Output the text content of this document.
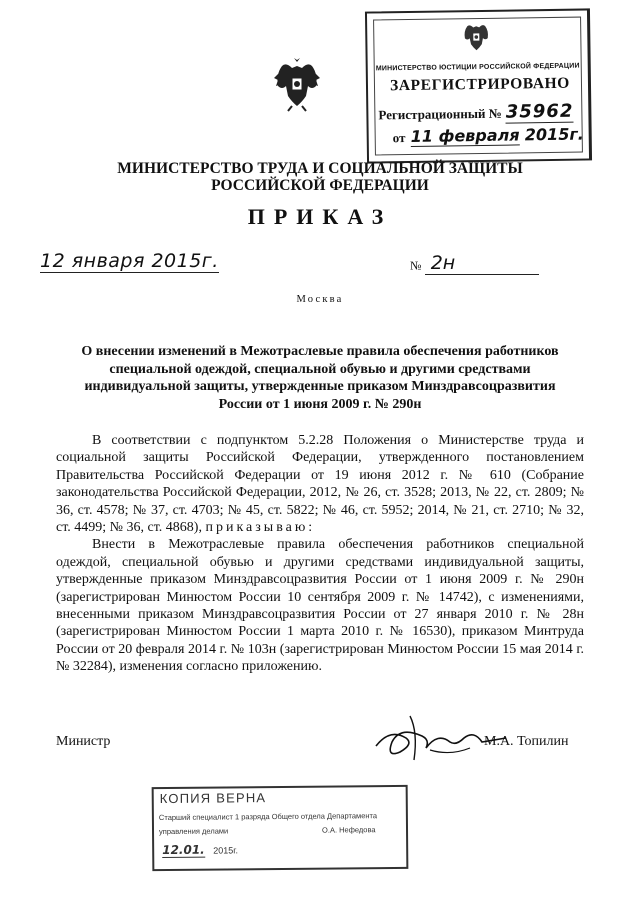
МИНИСТЕРСТВО ЮСТИЦИИ РОССИЙСКОЙ ФЕДЕРАЦИИ
ЗАРЕГИСТРИРОВАНО
Регистрационный № 35962
от 11 февраля 2015г.
МИНИСТЕРСТВО ТРУДА И СОЦИАЛЬНОЙ ЗАЩИТЫ
РОССИЙСКОЙ ФЕДЕРАЦИИ
ПРИКАЗ
12 января 2015г.	№ 2н
Москва
О внесении изменений в Межотраслевые правила обеспечения работников
специальной одеждой, специальной обувью и другими средствами
индивидуальной защиты, утвержденные приказом Минздравсоцразвития
России от 1 июня 2009 г. № 290н

В соответствии с подпунктом 5.2.28 Положения о Министерстве труда и социальной защиты Российской Федерации, утвержденного постановлением Правительства Российской Федерации от 19 июня 2012 г. № 610 (Собрание законодательства Российской Федерации, 2012, № 26, ст. 3528; 2013, № 22, ст. 2809; № 36, ст. 4578; № 37, ст. 4703; № 45, ст. 5822; № 46, ст. 5952; 2014, № 21, ст. 2710; № 32, ст. 4499; № 36, ст. 4868), приказываю:

Внести в Межотраслевые правила обеспечения работников специальной одеждой, специальной обувью и другими средствами индивидуальной защиты, утвержденные приказом Минздравсоцразвития России от 1 июня 2009 г. № 290н (зарегистрирован Минюстом России 10 сентября 2009 г. № 14742), с изменениями, внесенными приказом Минздравсоцразвития России от 27 января 2010 г. № 28н (зарегистрирован Минюстом России 1 марта 2010 г. № 16530), приказом Минтруда России от 20 февраля 2014 г. № 103н (зарегистрирован Минюстом России 15 мая 2014 г. № 32284), изменения согласно приложению.

Министр	М.А. Топилин
КОПИЯ ВЕРНА
Старший специалист 1 разряда Общего отдела Департамента
управления делами	О.А. Нефедова
12.01. 2015г.
